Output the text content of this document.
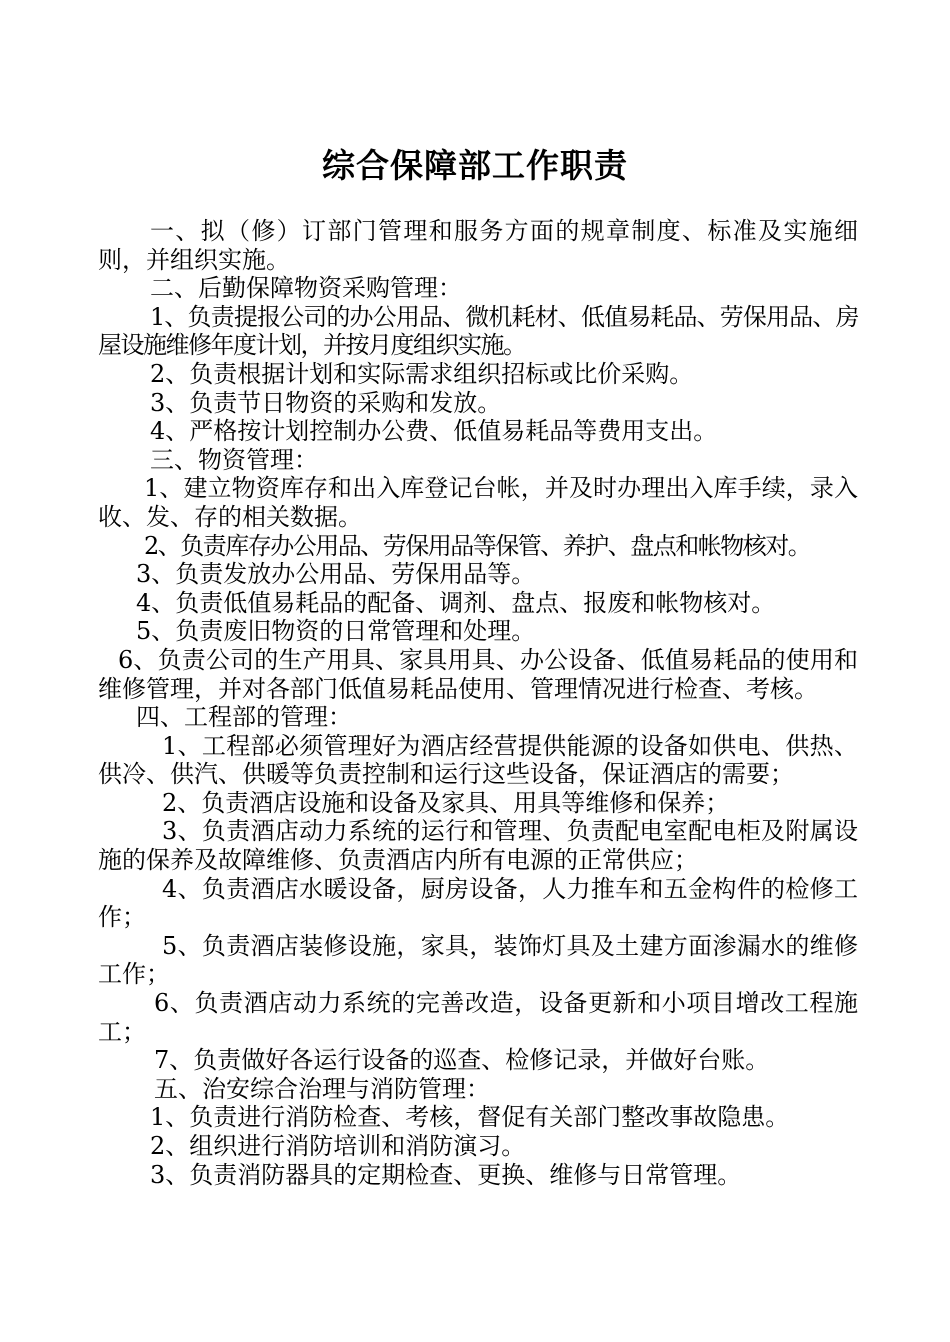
综合保障部工作职责

一、拟（修）订部门管理和服务方面的规章制度、标准及实施细则，并组织实施。

二、后勤保障物资采购管理：

1、负责提报公司的办公用品、微机耗材、低值易耗品、劳保用品、房屋设施维修年度计划，并按月度组织实施。

2、负责根据计划和实际需求组织招标或比价采购。

3、负责节日物资的采购和发放。

4、严格按计划控制办公费、低值易耗品等费用支出。

三、物资管理：

1、建立物资库存和出入库登记台帐，并及时办理出入库手续，录入收、发、存的相关数据。

2、负责库存办公用品、劳保用品等保管、养护、盘点和帐物核对。

3、负责发放办公用品、劳保用品等。

4、负责低值易耗品的配备、调剂、盘点、报废和帐物核对。

5、负责废旧物资的日常管理和处理。

6、负责公司的生产用具、家具用具、办公设备、低值易耗品的使用和维修管理，并对各部门低值易耗品使用、管理情况进行检查、考核。

四、工程部的管理：

1、工程部必须管理好为酒店经营提供能源的设备如供电、供热、供冷、供汽、供暖等负责控制和运行这些设备，保证酒店的需要；

2、负责酒店设施和设备及家具、用具等维修和保养；

3、负责酒店动力系统的运行和管理、负责配电室配电柜及附属设施的保养及故障维修、负责酒店内所有电源的正常供应；

4、负责酒店水暖设备，厨房设备，人力推车和五金构件的检修工作；

5、负责酒店装修设施，家具，装饰灯具及土建方面渗漏水的维修工作；

6、负责酒店动力系统的完善改造，设备更新和小项目增改工程施工；

7、负责做好各运行设备的巡查、检修记录，并做好台账。

五、治安综合治理与消防管理：

1、负责进行消防检查、考核，督促有关部门整改事故隐患。

2、组织进行消防培训和消防演习。

3、负责消防器具的定期检查、更换、维修与日常管理。
